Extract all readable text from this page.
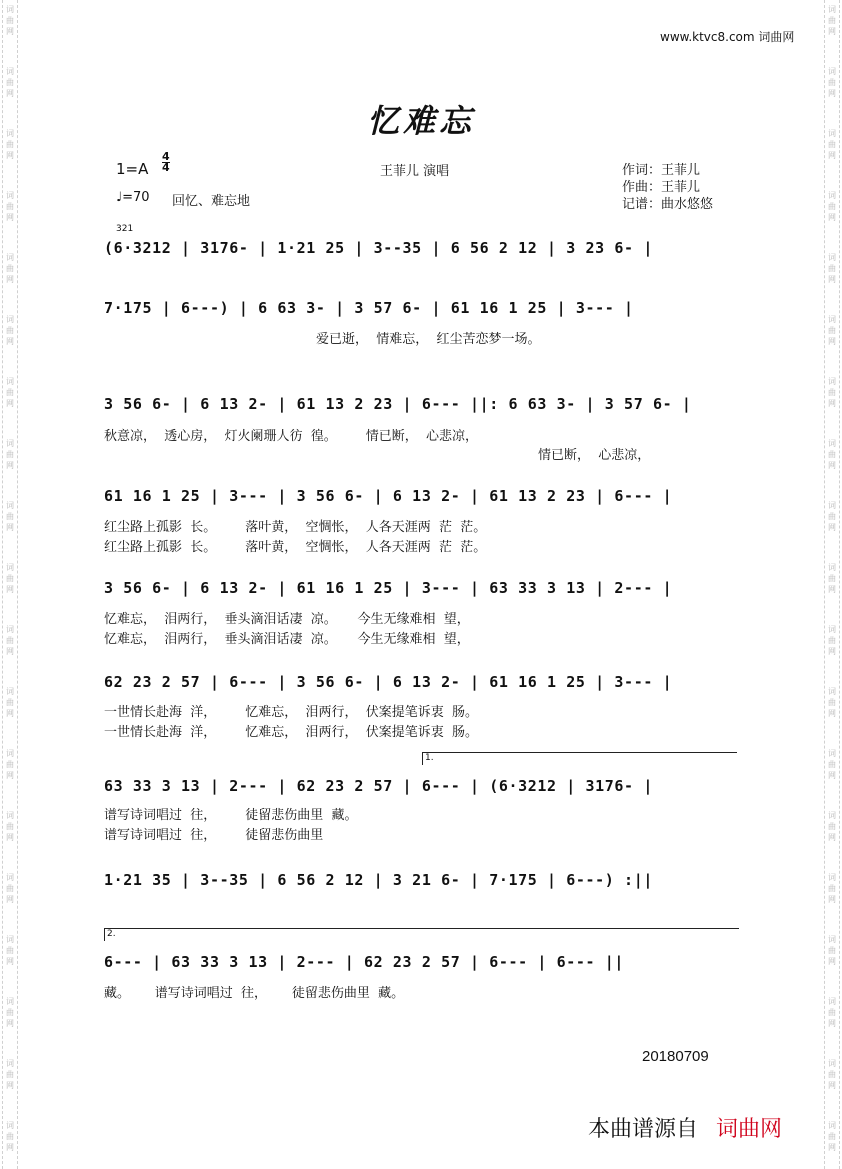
词
曲
网
词
曲
网
词
曲
网
词
曲
网
词
曲
网
词
曲
网
词
曲
网
词
曲
网
词
曲
网
词
曲
网
词
曲
网
词
曲
网
词
曲
网
词
曲
网
词
曲
网
词
曲
网
词
曲
网
词
曲
网
词
曲
网
词
曲
网
词
曲
网
词
曲
网
词
曲
网
词
曲
网
词
曲
网
词
曲
网
词
曲
网
词
曲
网
词
曲
网
词
曲
网
词
曲
网
词
曲
网
词
曲
网
词
曲
网
词
曲
网
词
曲
网
词
曲
网
词
曲
网
www.ktvc8.com 词曲网
忆难忘
$1=A \frac{4}{4}$
♩=70 回忆、难忘地
王菲儿 演唱	作词：王菲儿
作曲：王菲儿
记谱：曲水悠悠
321
(6·3212 | 3176- | 1·21 25 | 3--35 | 6 56 2 12 | 3 23 6- |
7·175 | 6---) | 6 63 3- | 3 57 6- | 61 16 1 25 | 3--- |
爱已逝，  情难忘，  红尘苦恋梦一场。
3 56 6- | 6 13 2- | 61 13 2 23 | 6--- ||: 6 63 3- | 3 57 6- |
秋意凉，  透心房，  灯火阑珊人彷  徨。       情已断，  心悲凉，
情已断，  心悲凉，
61 16 1 25 | 3--- | 3 56 6- | 6 13 2- | 61 13 2 23 | 6--- |
红尘路上孤影  长。       落叶黄，  空惆怅，  人各天涯两  茫  茫。
红尘路上孤影  长。       落叶黄，  空惆怅，  人各天涯两  茫  茫。
3 56 6- | 6 13 2- | 61 16 1 25 | 3--- | 63 33 3 13 | 2--- |
忆难忘，  泪两行，  垂头滴泪话凄  凉。     今生无缘难相  望，
忆难忘，  泪两行，  垂头滴泪话凄  凉。     今生无缘难相  望，
62 23 2 57 | 6--- | 3 56 6- | 6 13 2- | 61 16 1 25 | 3--- |
一世情长赴海  洋，       忆难忘，  泪两行，  伏案提笔诉衷  肠。
一世情长赴海  洋，       忆难忘，  泪两行，  伏案提笔诉衷  肠。
1.
63 33 3 13 | 2--- | 62 23 2 57 | 6--- | (6·3212 | 3176- |
谱写诗词唱过  往，       徒留悲伤曲里  藏。
谱写诗词唱过  往，       徒留悲伤曲里
1·21 35 | 3--35 | 6 56 2 12 | 3 21 6- | 7·175 | 6---) :||
2.
6--- | 63 33 3 13 | 2--- | 62 23 2 57 | 6--- | 6--- ||
藏。      谱写诗词唱过  往，      徒留悲伤曲里  藏。
20180709
本曲谱源自 词曲网
